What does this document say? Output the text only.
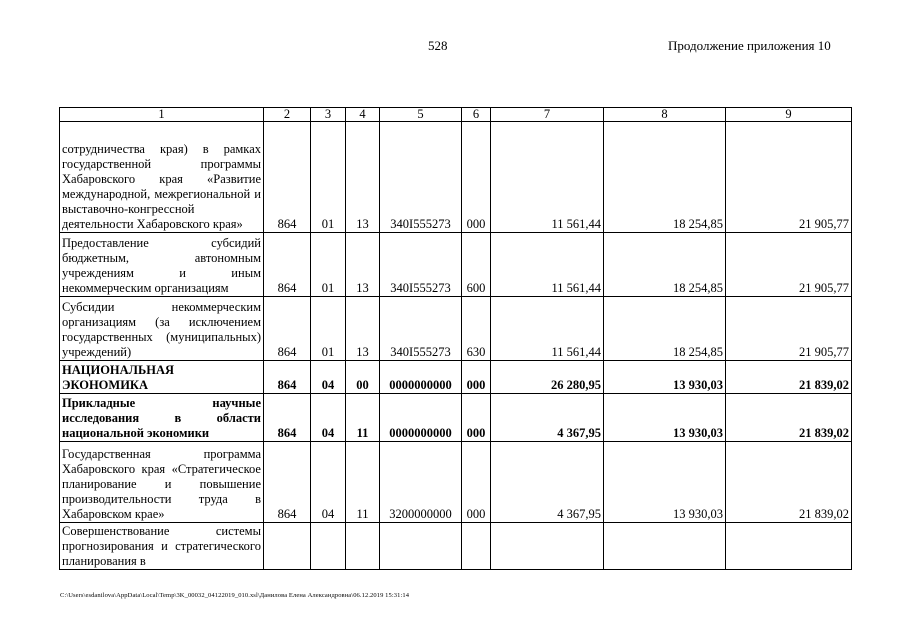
528	Продолжение приложения 10
1	2	3	4	5	6	7	8	9
сотрудничества края) в рамках государственной программы Хабаровского края «Развитие международной, межрегиональной и выставочно-конгрессной деятельности Хабаровского края»	864	01	13	340I555273	000	11 561,44	18 254,85	21 905,77
Предоставление субсидий бюджетным, автономным учреждениям и иным некоммерческим организациям	864	01	13	340I555273	600	11 561,44	18 254,85	21 905,77
Субсидии некоммерческим организациям (за исключением государственных (муниципальных) учреждений)	864	01	13	340I555273	630	11 561,44	18 254,85	21 905,77
НАЦИОНАЛЬНАЯ ЭКОНОМИКА	864	04	00	0000000000	000	26 280,95	13 930,03	21 839,02
Прикладные научные исследования в области национальной экономики	864	04	11	0000000000	000	4 367,95	13 930,03	21 839,02
Государственная программа Хабаровского края «Стратегическое планирование и повышение производительности труда в Хабаровском крае»	864	04	11	3200000000	000	4 367,95	13 930,03	21 839,02
Совершенствование системы прогнозирования и стратегического планирования в								
C:\Users\esdanilova\AppData\Local\Temp\3K_00032_04122019_010.xsl\Данилова Елена Александровна\06.12.2019 15:31:14
